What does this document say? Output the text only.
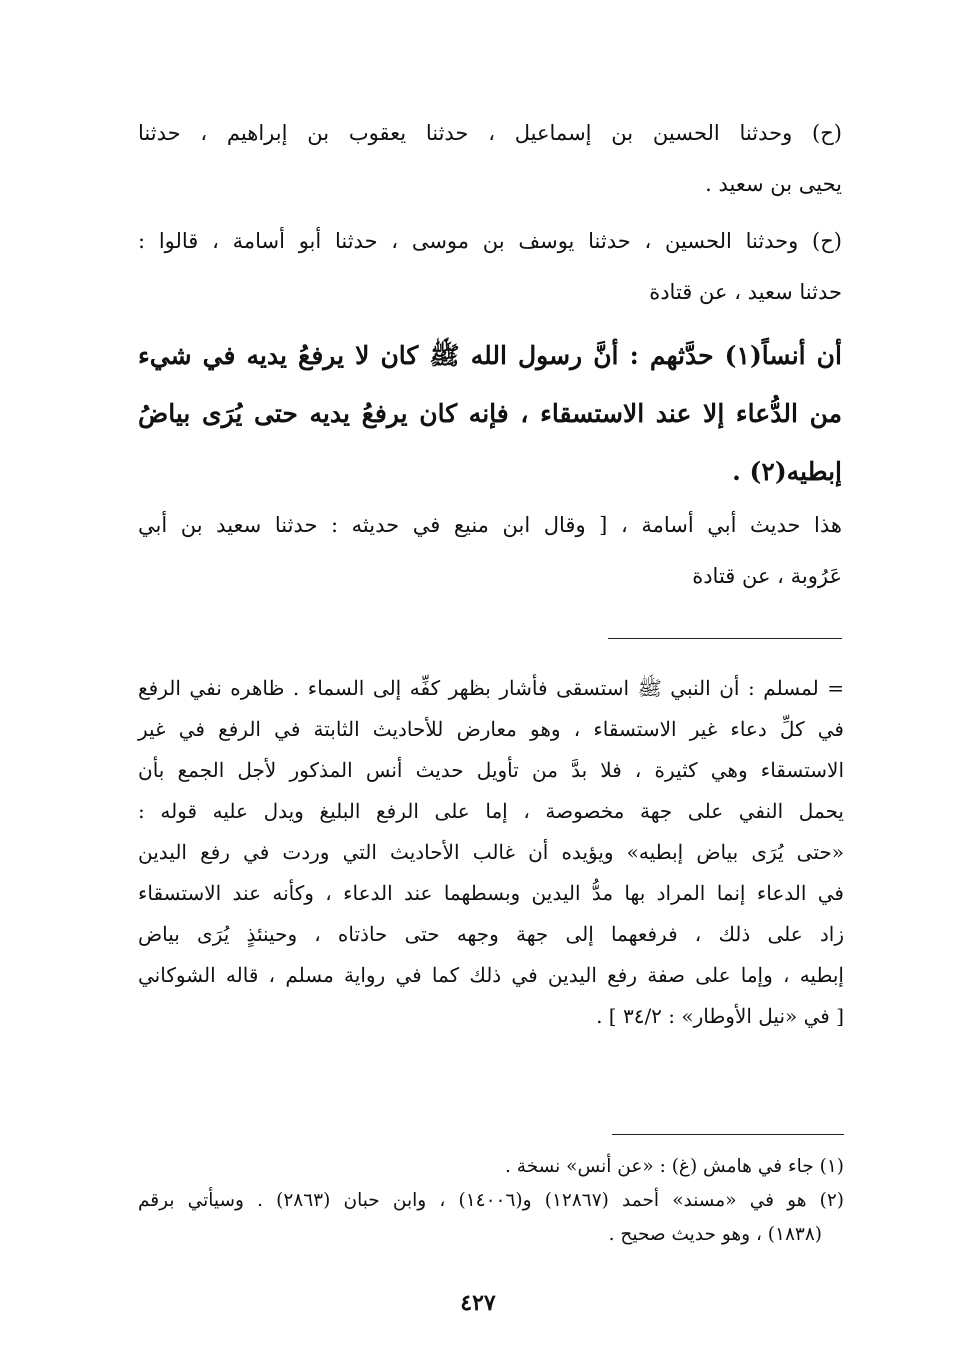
(ح) وحدثنا الحسين بن إسماعيل ، حدثنا يعقوب بن إبراهيم ، حدثنا
يحيى بن سعيد .
(ح) وحدثنا الحسين ، حدثنا يوسف بن موسى ، حدثنا أبو أسامة ، قالوا :
حدثنا سعيد ، عن قتادة
أن أنساً(١) حدَّثهم : أنَّ رسول الله ﷺ كان لا يرفعُ يديه في شيء
من الدُّعاء إلا عند الاستسقاء ، فإنه كان يرفعُ يديه حتى يُرَى بياضُ
إبطيه(٢) .
هذا حديث أبي أسامة ، [ وقال ابن منيع في حديثه : حدثنا سعيد بن أبي
عَرُوبة ، عن قتادة
= لمسلم : أن النبي ﷺ استسقى فأشار بظهر كفِّه إلى السماء . ظاهره نفي الرفع
في كلِّ دعاء غير الاستسقاء ، وهو معارض للأحاديث الثابتة في الرفع في غير
الاستسقاء وهي كثيرة ، فلا بدَّ من تأويل حديث أنس المذكور لأجل الجمع بأن
يحمل النفي على جهة مخصوصة ، إما على الرفع البليغ ويدل عليه قوله :
«حتى يُرَى بياض إبطيه» ويؤيده أن غالب الأحاديث التي وردت في رفع اليدين
في الدعاء إنما المراد بها مدُّ اليدين وبسطهما عند الدعاء ، وكأنه عند الاستسقاء
زاد على ذلك ، فرفعهما إلى جهة وجهه حتى حاذتاه ، وحينئذٍ يُرَى بياض
إبطيه ، وإما على صفة رفع اليدين في ذلك كما في رواية مسلم ، قاله الشوكاني
[ في «نيل الأوطار» : ٣٤/٢ ] .
(١) جاء في هامش (غ) : «عن أنس» نسخة .
(٢) هو في «مسند» أحمد (١٢٨٦٧) و(١٤٠٠٦) ، وابن حبان (٢٨٦٣) . وسيأتي برقم
(١٨٣٨) ، وهو حديث صحيح .
٤٢٧
